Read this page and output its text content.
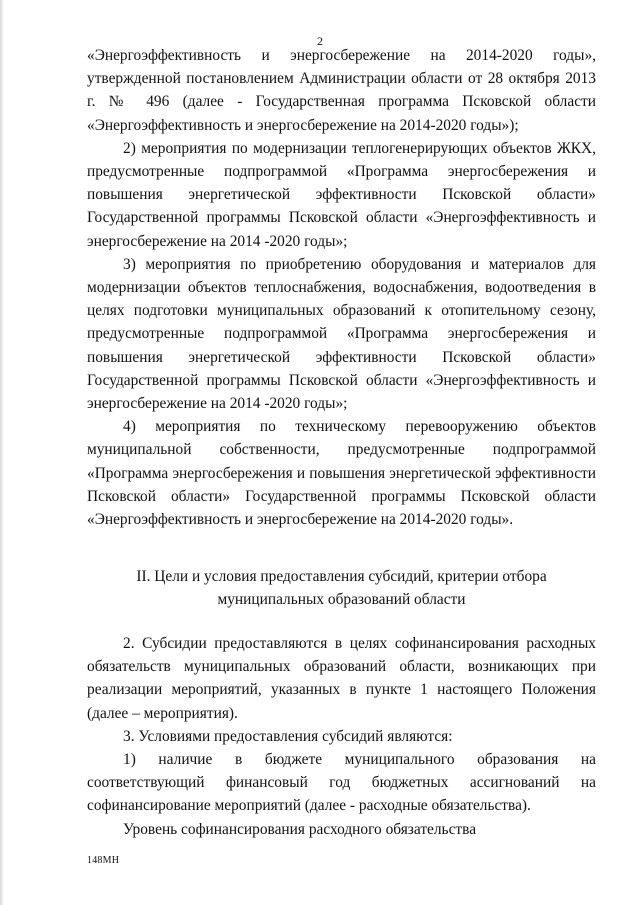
2

«Энергоэффективность и энергосбережение на 2014-2020 годы», утвержденной постановлением Администрации области от 28 октября 2013 г. № 496 (далее - Государственная программа Псковской области «Энергоэффективность и энергосбережение на 2014-2020 годы»);

2) мероприятия по модернизации теплогенерирующих объектов ЖКХ, предусмотренные подпрограммой «Программа энергосбережения и повышения энергетической эффективности Псковской области» Государственной программы Псковской области «Энергоэффективность и энергосбережение на 2014 -2020 годы»;

3) мероприятия по приобретению оборудования и материалов для модернизации объектов теплоснабжения, водоснабжения, водоотведения в целях подготовки муниципальных образований к отопительному сезону, предусмотренные подпрограммой «Программа энергосбережения и повышения энергетической эффективности Псковской области» Государственной программы Псковской области «Энергоэффективность и энергосбережение на 2014 -2020 годы»;

4) мероприятия по техническому перевооружению объектов муниципальной собственности, предусмотренные подпрограммой «Программа энергосбережения и повышения энергетической эффективности Псковской области» Государственной программы Псковской области «Энергоэффективность и энергосбережение на 2014-2020 годы».

II. Цели и условия предоставления субсидий, критерии отбора
муниципальных образований области

2. Субсидии предоставляются в целях софинансирования расходных обязательств муниципальных образований области, возникающих при реализации мероприятий, указанных в пункте 1 настоящего Положения (далее – мероприятия).

3. Условиями предоставления субсидий являются:

1) наличие в бюджете муниципального образования на соответствующий финансовый год бюджетных ассигнований на софинансирование мероприятий (далее - расходные обязательства).

Уровень софинансирования расходного обязательства

148МН
